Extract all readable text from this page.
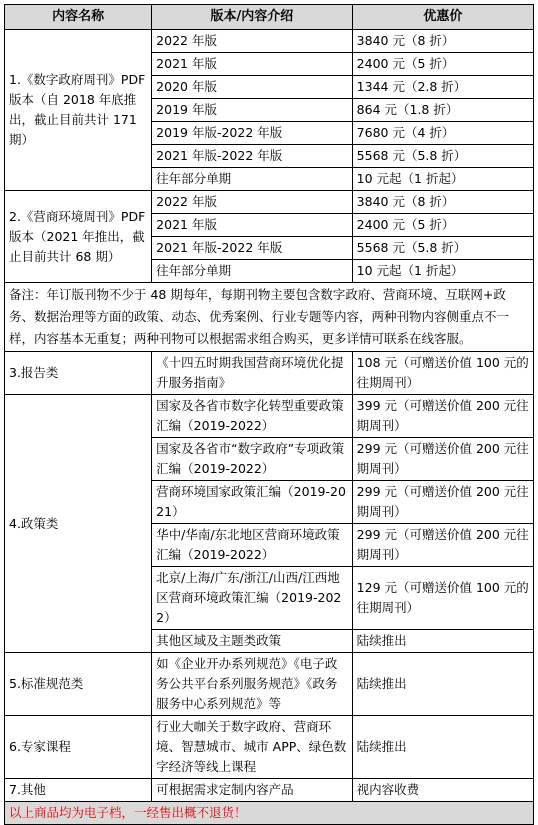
内容名称	版本/内容介绍	优惠价
1.《数字政府周刊》PDF 版本（自 2018 年底推出，截止目前共计 171 期）	2022 年版	3840 元（8 折）
	2021 年版	2400 元（5 折）
	2020 年版	1344 元（2.8 折）
	2019 年版	864 元（1.8 折）
	2019 年版-2022 年版	7680 元（4 折）
	2021 年版-2022 年版	5568 元（5.8 折）
	往年部分单期	10 元起（1 折起）
2.《营商环境周刊》PDF 版本（2021 年推出，截止目前共计 68 期）	2022 年版	3840 元（8 折）
	2021 年版	2400 元（5 折）
	2021 年版-2022 年版	5568 元（5.8 折）
	往年部分单期	10 元起（1 折起）
备注：年订版刊物不少于 48 期每年，每期刊物主要包含数字政府、营商环境、互联网+政务、数据治理等方面的政策、动态、优秀案例、行业专题等内容，两种刊物内容侧重点不一样，内容基本无重复；两种刊物可以根据需求组合购买，更多详情可联系在线客服。		
3.报告类	《十四五时期我国营商环境优化提升服务指南》	108 元（可赠送价值 100 元的往期周刊）
4.政策类	国家及各省市数字化转型重要政策汇编（2019-2022）	399 元（可赠送价值 200 元往期周刊）
	国家及各省市“数字政府”专项政策汇编（2019-2022）	299 元（可赠送价值 200 元往期周刊）
	营商环境国家政策汇编（2019-2021）	299 元（可赠送价值 200 元往期周刊）
	华中/华南/东北地区营商环境政策汇编（2019-2022）	299 元（可赠送价值 200 元往期周刊）
	北京/上海/广东/浙江/山西/江西地区营商环境政策汇编（2019-2022）	129 元（可赠送价值 100 元的往期周刊）
	其他区域及主题类政策	陆续推出
5.标准规范类	如《企业开办系列规范》《电子政务公共平台系列服务规范》《政务服务中心系列规范》等	陆续推出
6.专家课程	行业大咖关于数字政府、营商环境、智慧城市、城市 APP、绿色数字经济等线上课程	陆续推出
7.其他	可根据需求定制内容产品	视内容收费
以上商品均为电子档，一经售出概不退货！		
